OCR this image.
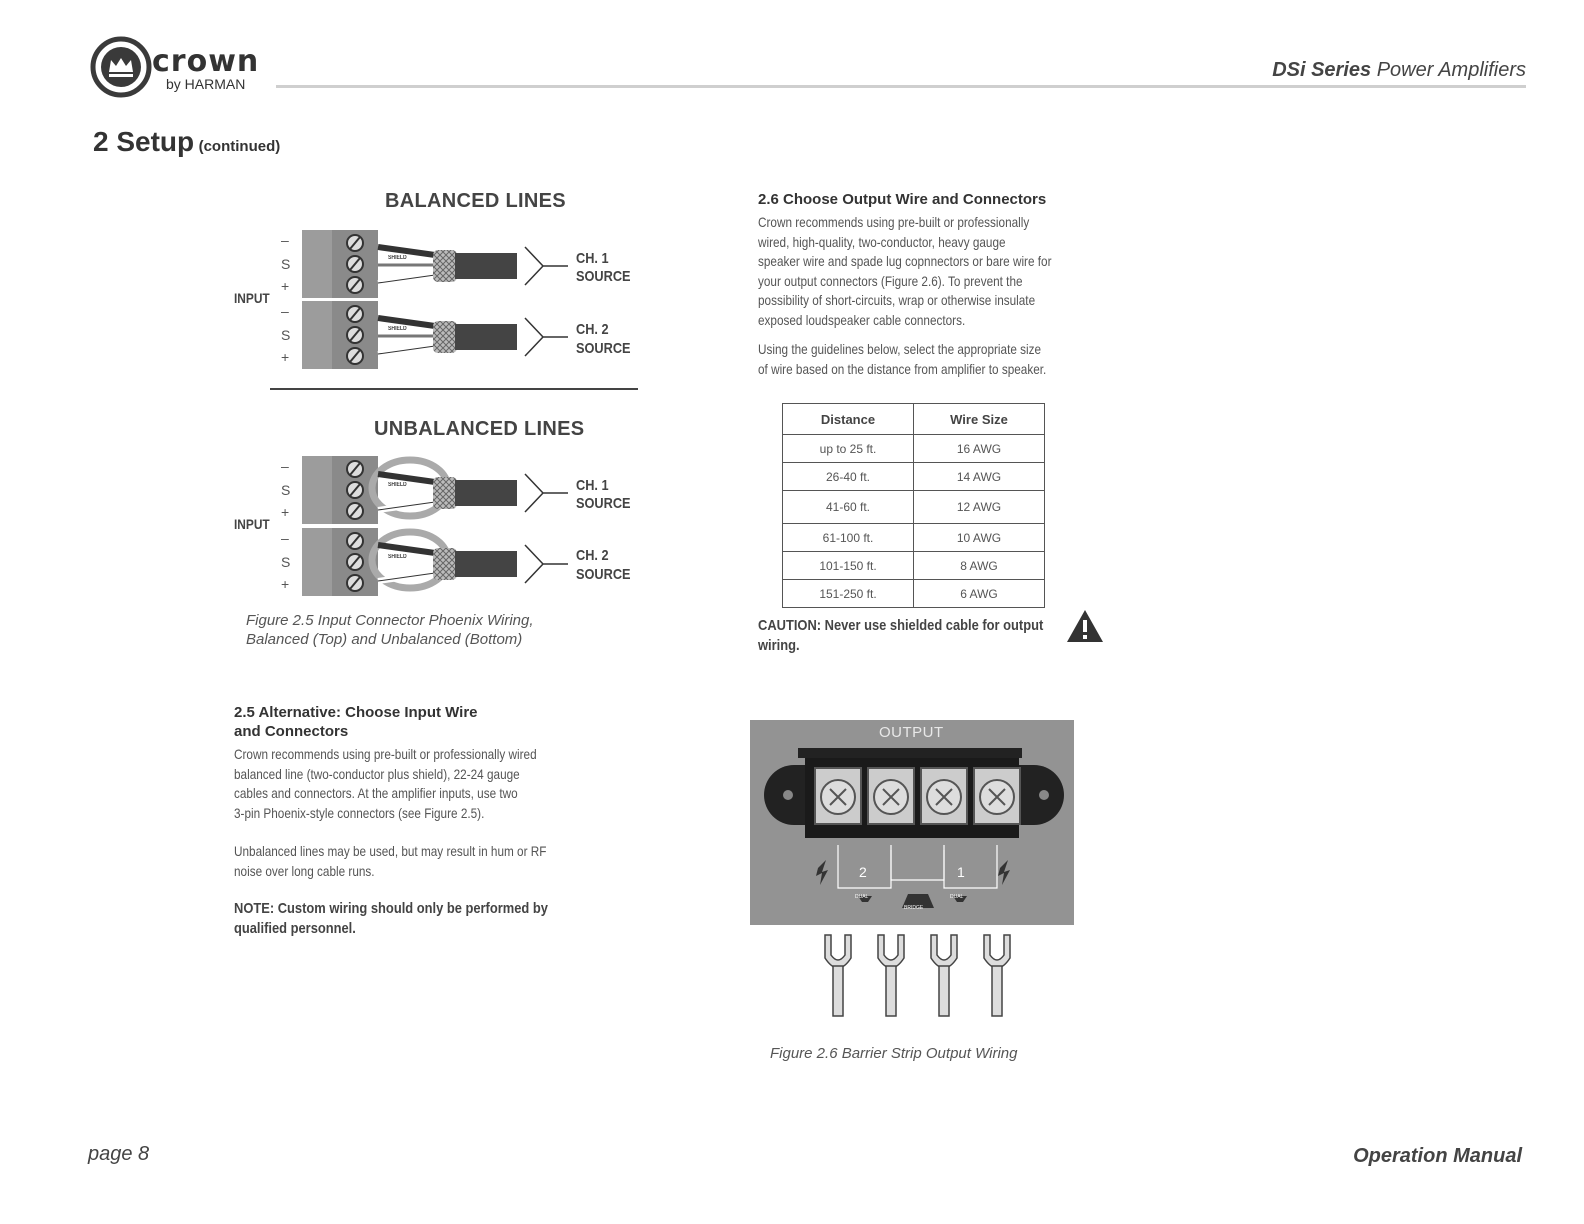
crown
by HARMAN
DSi Series Power Amplifiers
2 Setup (continued)
BALANCED LINES
UNBALANCED LINES
–
S
+
–
S
+
INPUT
SHIELD
SHIELD
CH. 1
SOURCE
CH. 2
SOURCE
–
S
+
–
S
+
INPUT
SHIELD
SHIELD
CH. 1
SOURCE
CH. 2
SOURCE
Figure 2.5 Input Connector Phoenix Wiring,
Balanced (Top) and Unbalanced (Bottom)
2.5 Alternative: Choose Input Wire
and Connectors
Crown recommends using pre-built or professionally wired
balanced line (two-conductor plus shield), 22-24 gauge
cables and connectors. At the amplifier inputs, use two
3-pin Phoenix-style connectors (see Figure 2.5).
Unbalanced lines may be used, but may result in hum or RF
noise over long cable runs.
NOTE: Custom wiring should only be performed by
qualified personnel.
2.6 Choose Output Wire and Connectors
Crown recommends using pre-built or professionally
wired, high-quality, two-conductor, heavy gauge
speaker wire and spade lug copnnectors or bare wire for
your output connectors (Figure 2.6). To prevent the
possibility of short-circuits, wrap or otherwise insulate
exposed loudspeaker cable connectors.
Using the guidelines below, select the appropriate size
of wire based on the distance from amplifier to speaker.
Distance	Wire Size
up to 25 ft.	16 AWG
26-40 ft.	14 AWG
41-60 ft.	12 AWG
61-100 ft.	10 AWG
101-150 ft.	8 AWG
151-250 ft.	6 AWG
CAUTION: Never use shielded cable for output
wiring.
OUTPUT
2	1
DUAL	DUAL
BRIDGE
Figure 2.6 Barrier Strip Output Wiring
page 8	Operation Manual
